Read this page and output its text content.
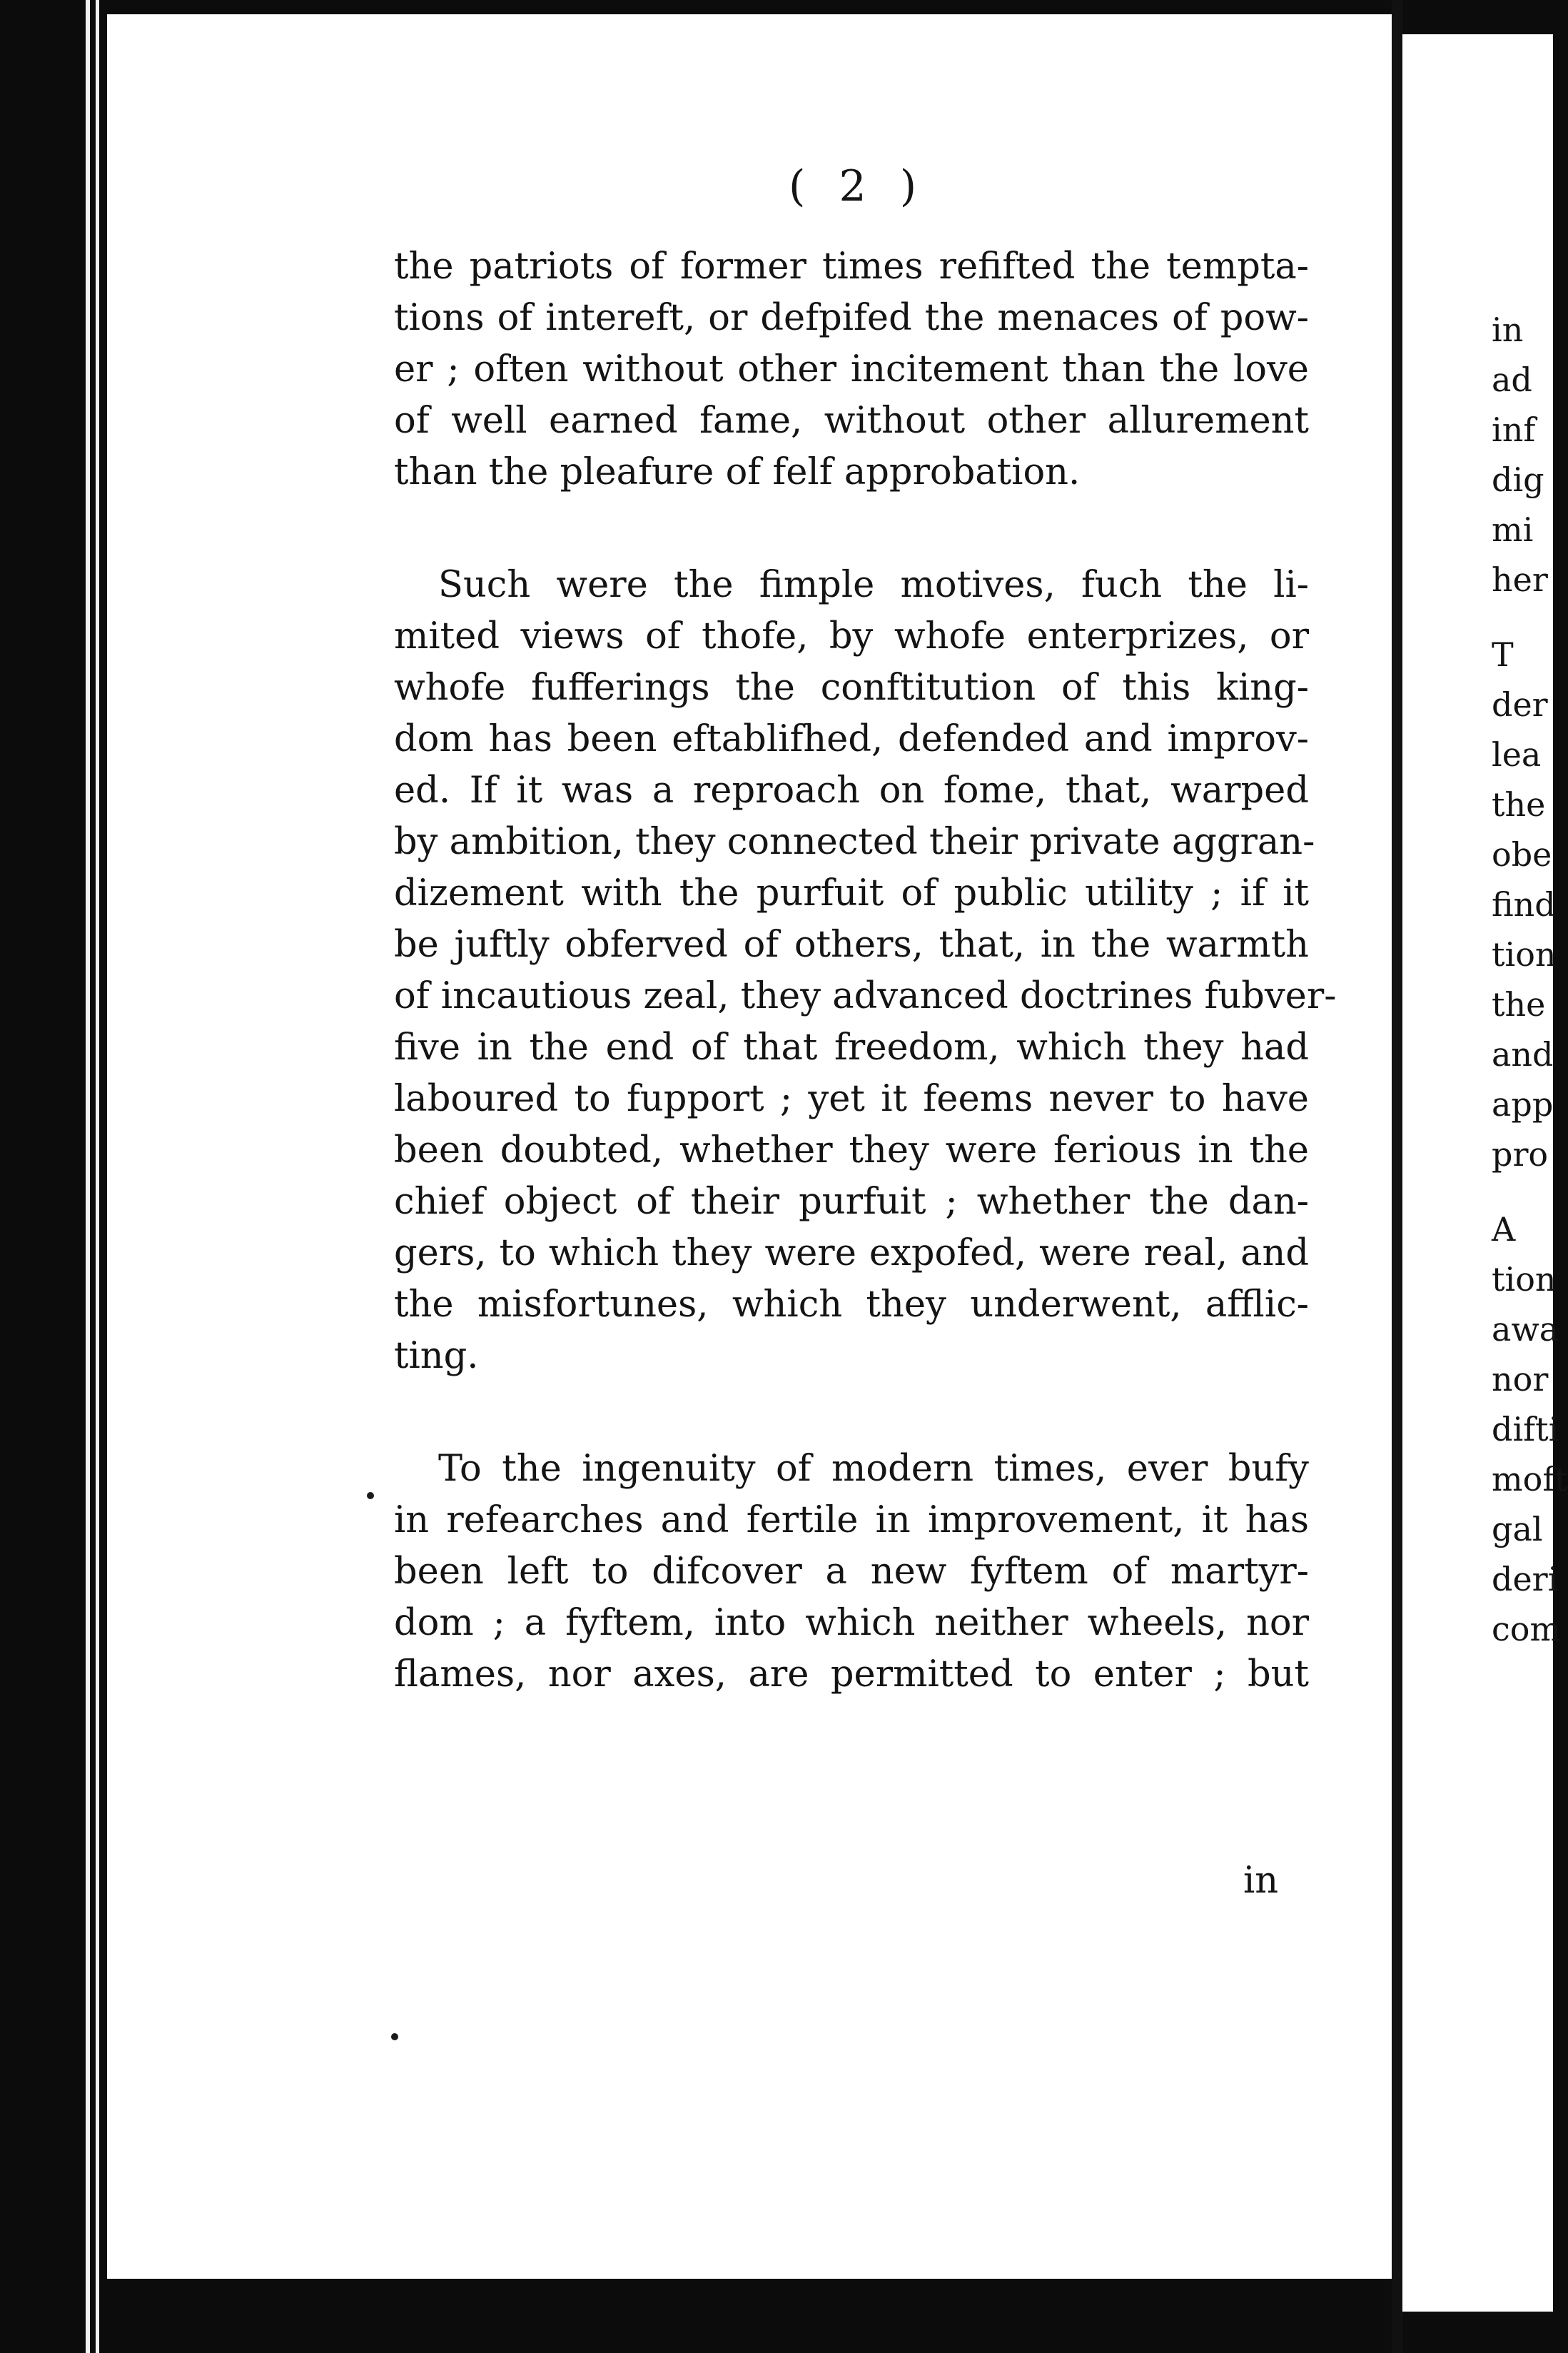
( 2 )
the patriots of former times refifted the tempta-
tions of intereft, or defpifed the menaces of pow-
er ; often without other incitement than the love
of well earned fame, without other allurement
than the pleafure of felf approbation.
Such were the fimple motives, fuch the li-
mited views of thofe, by whofe enterprizes, or
whofe fufferings the conftitution of this king-
dom has been eftablifhed, defended and improv-
ed. If it was a reproach on fome, that, warped
by ambition, they connected their private aggran-
dizement with the purfuit of public utility ; if it
be juftly obferved of others, that, in the warmth
of incautious zeal, they advanced doctrines fubver-
five in the end of that freedom, which they had
laboured to fupport ; yet it feems never to have
been doubted, whether they were ferious in the
chief object of their purfuit ; whether the dan-
gers, to which they were expofed, were real, and
the misfortunes, which they underwent, afflic-
ting.
To the ingenuity of modern times, ever bufy
in refearches and fertile in improvement, it has
been left to difcover a new fyftem of martyr-
dom ; a fyftem, into which neither wheels, nor
flames, nor axes, are permitted to enter ; but
in
in
ad
inf
dig
mi
her
T
der
lea
the
obe
find
tion
the
and
app
pro
A
tion
awa
nor
difti
moft
gal
deri
com
